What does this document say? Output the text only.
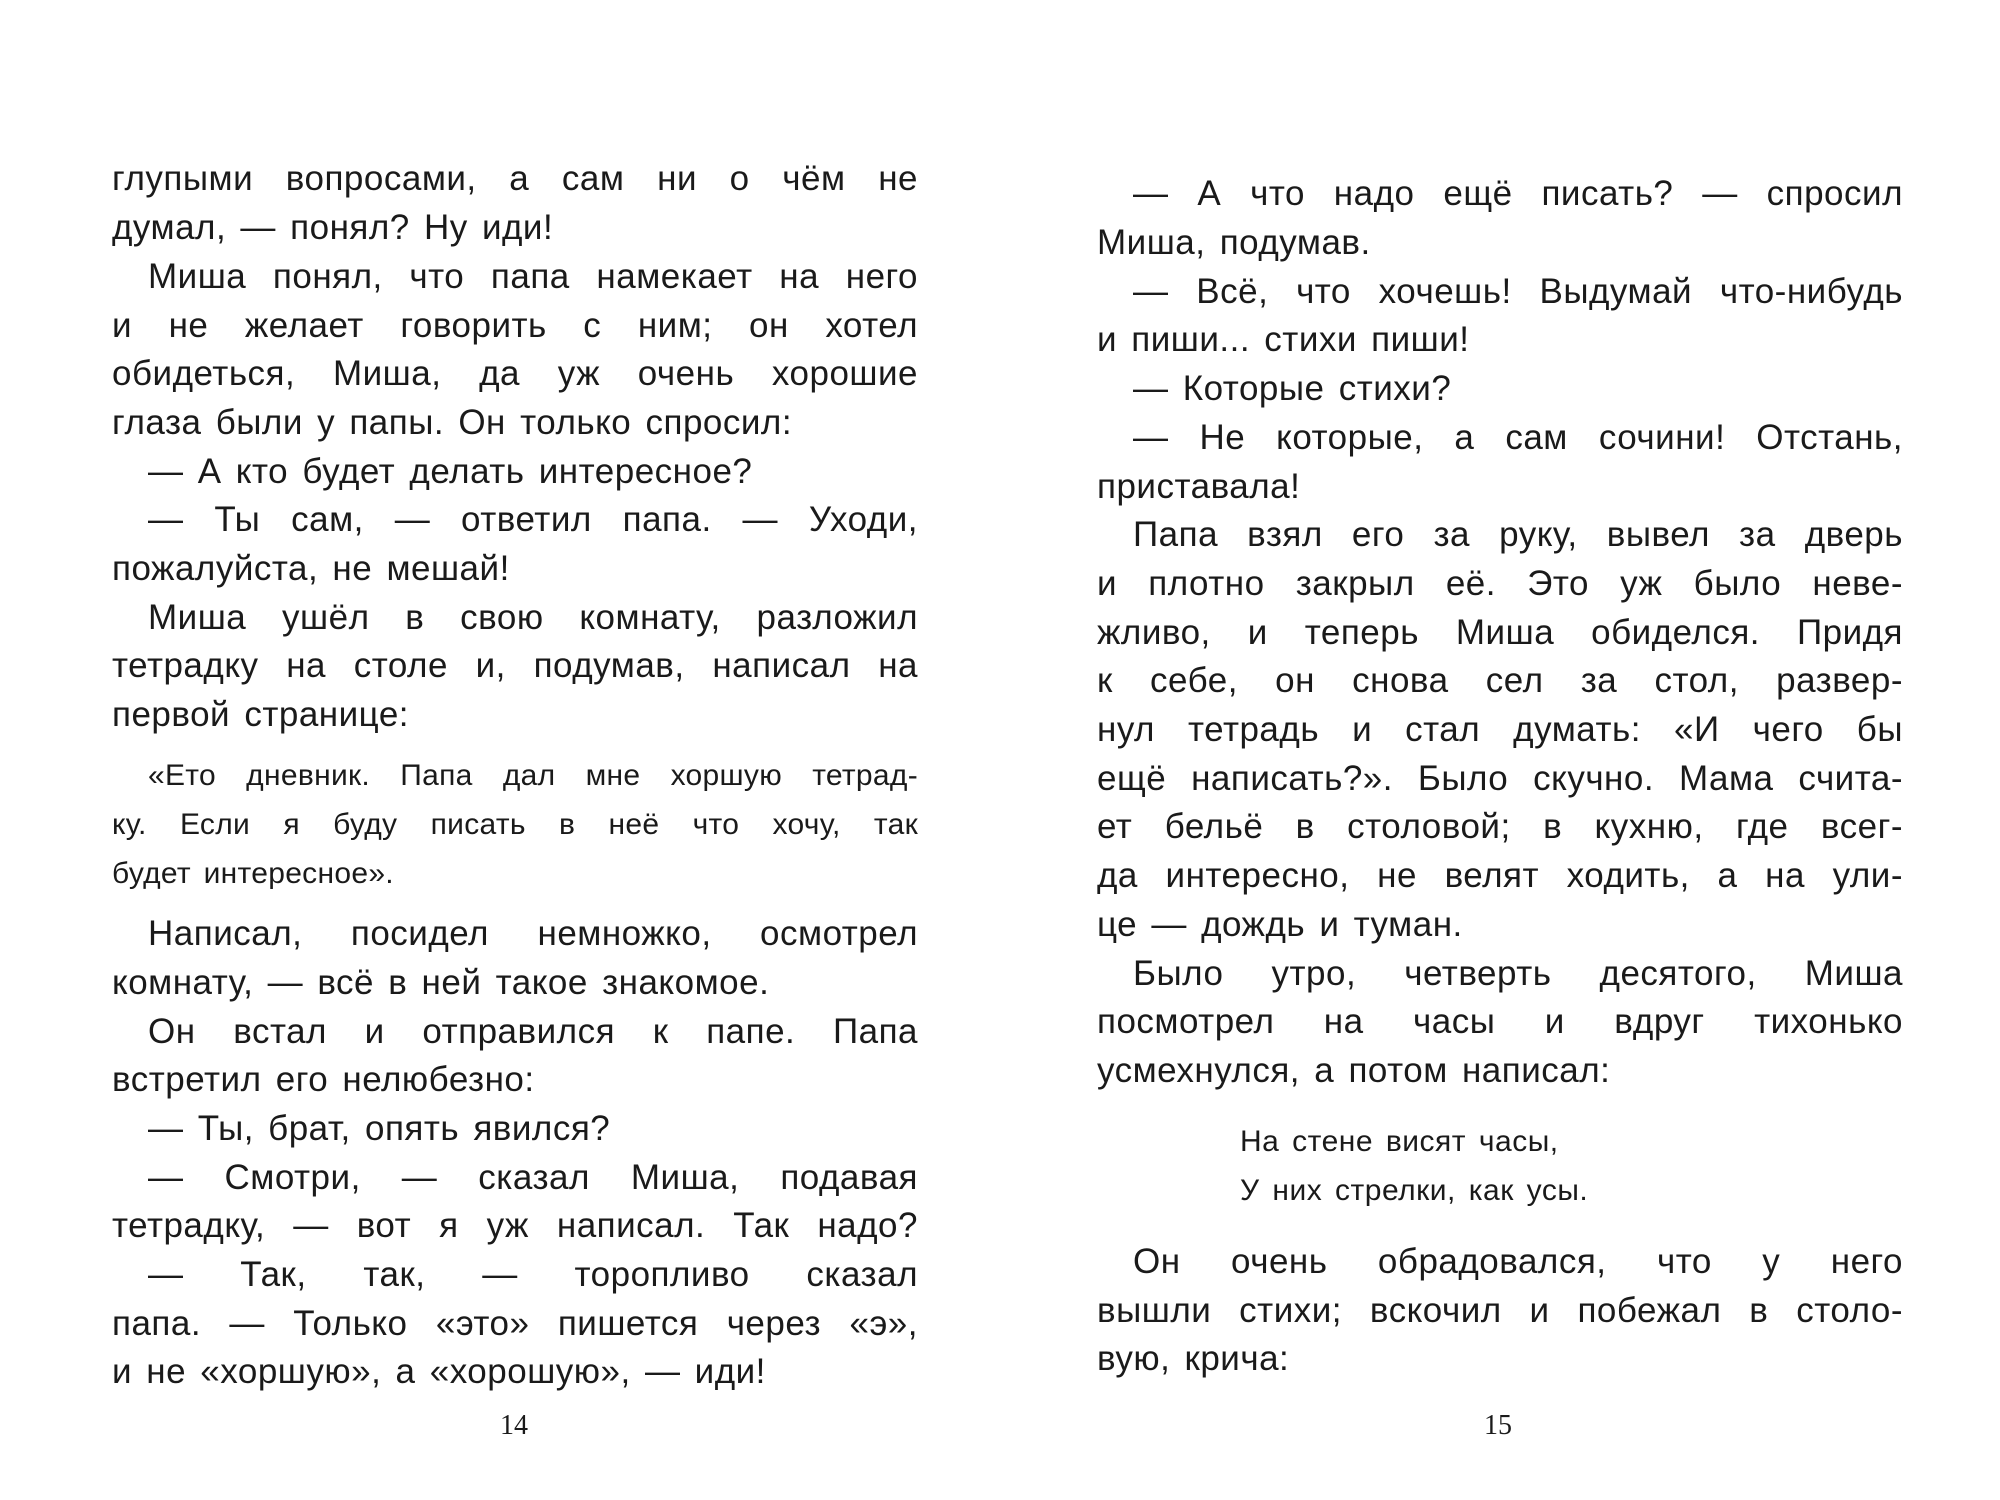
глупыми вопросами, а сам ни о чём не
думал, — понял? Ну иди!
Миша понял, что папа намекает на него
и не желает говорить с ним; он хотел
обидеться, Миша, да уж очень хорошие
глаза были у папы. Он только спросил:
— А кто будет делать интересное?
— Ты сам, — ответил папа. — Уходи,
пожалуйста, не мешай!
Миша ушёл в свою комнату, разложил
тетрадку на столе и, подумав, написал на
первой странице:
«Ето дневник. Папа дал мне хоршую тетрад-
ку. Если я буду писать в неё что хочу, так
будет интересное».
Написал, посидел немножко, осмотрел
комнату, — всё в ней такое знакомое.
Он встал и отправился к папе. Папа
встретил его нелюбезно:
— Ты, брат, опять явился?
— Смотри, — сказал Миша, подавая
тетрадку, — вот я уж написал. Так надо?
— Так, так, — торопливо сказал
папа. — Только «это» пишется через «э»,
и не «хоршую», а «хорошую», — иди!
14
— А что надо ещё писать? — спросил
Миша, подумав.
— Всё, что хочешь! Выдумай что-нибудь
и пиши... стихи пиши!
— Которые стихи?
— Не которые, а сам сочини! Отстань,
приставала!
Папа взял его за руку, вывел за дверь
и плотно закрыл её. Это уж было неве-
жливо, и теперь Миша обиделся. Придя
к себе, он снова сел за стол, развер-
нул тетрадь и стал думать: «И чего бы
ещё написать?». Было скучно. Мама счита-
ет бельё в столовой; в кухню, где всег-
да интересно, не велят ходить, а на ули-
це — дождь и туман.
Было утро, четверть десятого, Миша
посмотрел на часы и вдруг тихонько
усмехнулся, а потом написал:
На стене висят часы,
У них стрелки, как усы.
Он очень обрадовался, что у него
вышли стихи; вскочил и побежал в столо-
вую, крича:
15
